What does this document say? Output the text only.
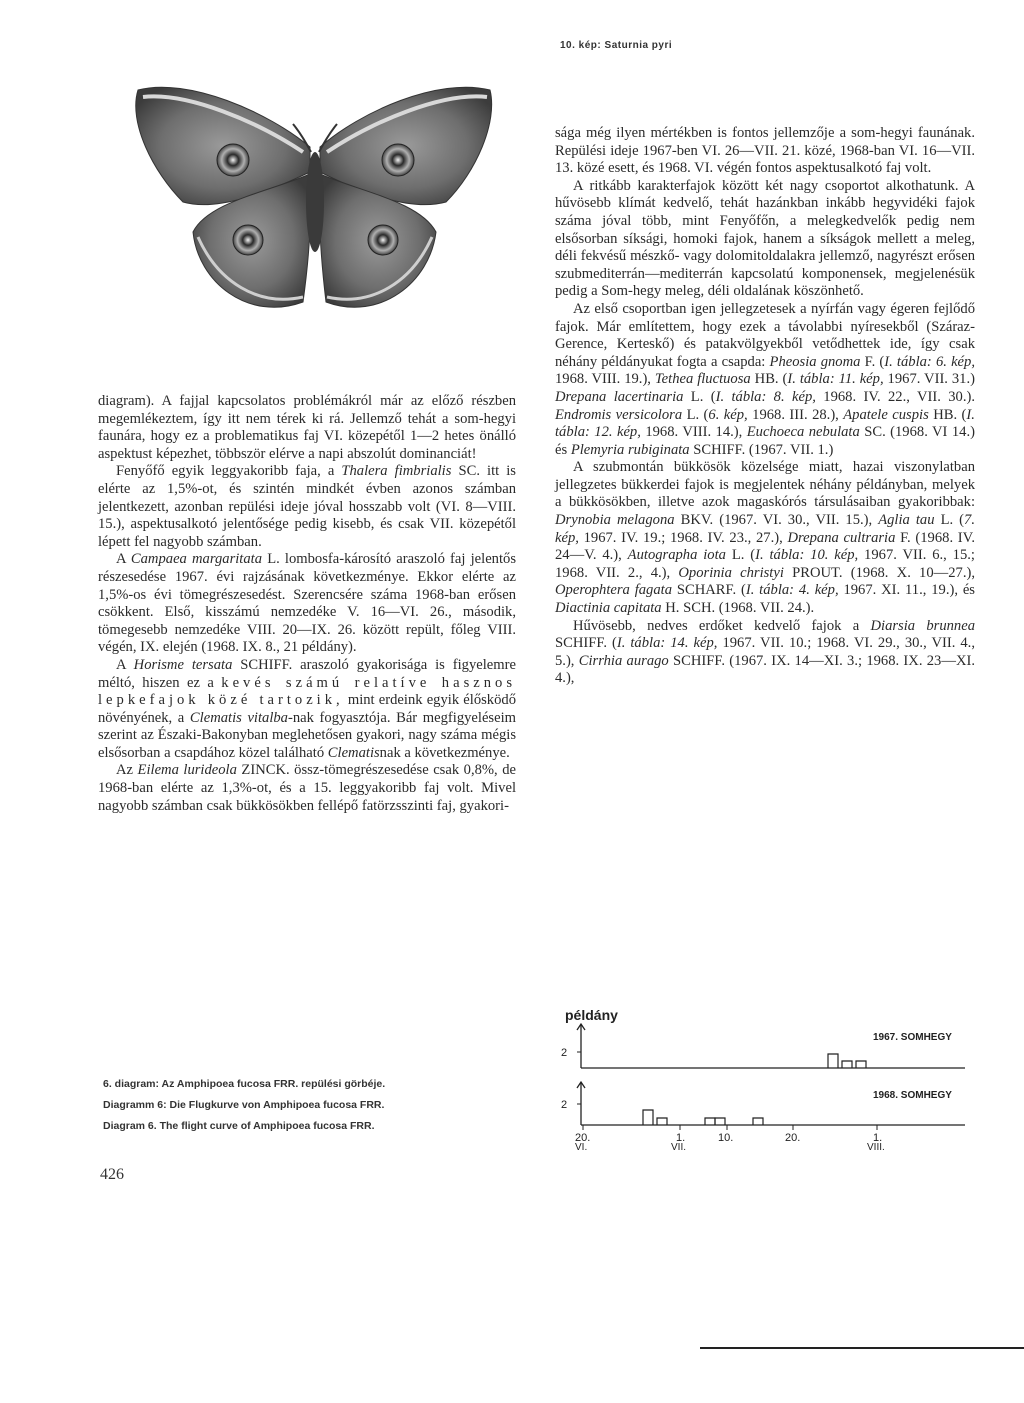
10. kép: Saturnia pyri

diagram). A fajjal kapcsolatos problémákról már az előző részben megemlékeztem, így itt nem térek ki rá. Jellemző tehát a som-hegyi faunára, hogy ez a problematikus faj VI. közepétől 1—2 hetes önálló aspektust képezhet, többször elérve a napi abszolút dominanciát!

Fenyőfő egyik leggyakoribb faja, a Thalera fimbrialis SC. itt is elérte az 1,5%-ot, és szintén mindkét évben azonos számban jelentkezett, azonban repülési ideje jóval hosszabb volt (VI. 8—VIII. 15.), aspektusalkotó jelentősége pedig kisebb, és csak VII. közepétől lépett fel nagyobb számban.

A Campaea margaritata L. lombosfa-károsító araszoló faj jelentős részesedése 1967. évi rajzásának következménye. Ekkor elérte az 1,5%-os évi tömegrészesedést. Szerencsére száma 1968-ban erősen csökkent. Első, kisszámú nemzedéke V. 16—VI. 26., második, tömegesebb nemzedéke VIII. 20—IX. 26. között repült, főleg VIII. végén, IX. elején (1968. IX. 8., 21 példány).

A Horisme tersata SCHIFF. araszoló gyakorisága is figyelemre méltó, hiszen ez a kevés számú relatíve hasznos lepkefajok közé tartozik, mint erdeink egyik élősködő növényének, a Clematis vitalba-nak fogyasztója. Bár megfigyeléseim szerint az Északi-Bakonyban meglehetősen gyakori, nagy száma mégis elsősorban a csapdához közel található Clematisnak a következménye.

Az Eilema lurideola ZINCK. össz-tömegrészesedése csak 0,8%, de 1968-ban elérte az 1,3%-ot, és a 15. leggyakoribb faj volt. Mivel nagyobb számban csak bükkösökben fellépő fatörzsszinti faj, gyakori-

sága még ilyen mértékben is fontos jellemzője a som-hegyi faunának. Repülési ideje 1967-ben VI. 26—VII. 21. közé, 1968-ban VI. 16—VII. 13. közé esett, és 1968. VI. végén fontos aspektusalkotó faj volt.

A ritkább karakterfajok között két nagy csoportot alkothatunk. A hűvösebb klímát kedvelő, tehát hazánkban inkább hegyvidéki fajok száma jóval több, mint Fenyőfőn, a melegkedvelők pedig nem elsősorban síksági, homoki fajok, hanem a síkságok mellett a meleg, déli fekvésű mészkő- vagy dolomitoldalakra jellemző, nagyrészt erősen szubmediterrán—mediterrán kapcsolatú komponensek, megjelenésük pedig a Som-hegy meleg, déli oldalának köszönhető.

Az első csoportban igen jellegzetesek a nyírfán vagy égeren fejlődő fajok. Már említettem, hogy ezek a távolabbi nyíresekből (Száraz-Gerence, Kerteskő) és patakvölgyekből vetődhettek ide, így csak néhány példányukat fogta a csapda: Pheosia gnoma F. (I. tábla: 6. kép, 1968. VIII. 19.), Tethea fluctuosa HB. (I. tábla: 11. kép, 1967. VII. 31.) Drepana lacertinaria L. (I. tábla: 8. kép, 1968. IV. 22., VII. 30.). Endromis versicolora L. (6. kép, 1968. III. 28.), Apatele cuspis HB. (I. tábla: 12. kép, 1968. VIII. 14.), Euchoeca nebulata SC. (1968. VI 14.) és Plemyria rubiginata SCHIFF. (1967. VII. 1.)

A szubmontán bükkösök közelsége miatt, hazai viszonylatban jellegzetes bükkerdei fajok is megjelentek néhány példányban, melyek a bükkösökben, illetve azok magaskórós társulásaiban gyakoribbak: Drynobia melagona BKV. (1967. VI. 30., VII. 15.), Aglia tau L. (7. kép, 1967. IV. 19.; 1968. IV. 23., 27.), Drepana cultraria F. (1968. IV. 24—V. 4.), Autographa iota L. (I. tábla: 10. kép, 1967. VII. 6., 15.; 1968. VII. 2., 4.), Oporinia christyi PROUT. (1968. X. 10—27.), Operophtera fagata SCHARF. (I. tábla: 4. kép, 1967. XI. 11., 19.), és Diactinia capitata H. SCH. (1968. VII. 24.).

Hűvösebb, nedves erdőket kedvelő fajok a Diarsia brunnea SCHIFF. (I. tábla: 14. kép, 1967. VII. 10.; 1968. VI. 29., 30., VII. 4., 5.), Cirrhia aurago SCHIFF. (1967. IX. 14—XI. 3.; 1968. IX. 23—XI. 4.),

példány
2
1967. SOMHEGY
2
1968. SOMHEGY
20.	1.	10.	20.	1.
VI.	VII.	VIII.
6. diagram: Az Amphipoea fucosa FRR. repülési görbéje.
Diagramm 6: Die Flugkurve von Amphipoea fucosa FRR.
Diagram 6. The flight curve of Amphipoea fucosa FRR.
426
